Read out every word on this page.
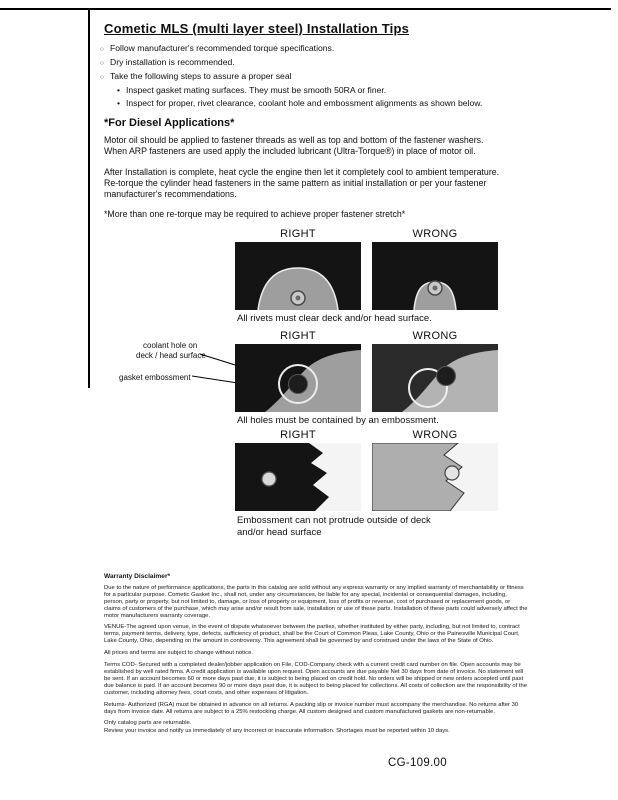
Cometic MLS (multi layer steel) Installation Tips
○ Follow manufacturer's recommended torque specifications.
○ Dry installation is recommended.
○ Take the following steps to assure a proper seal
• Inspect gasket mating surfaces. They must be smooth 50RA or finer.
• Inspect for proper, rivet clearance, coolant hole and embossment alignments as shown below.
*For Diesel Applications*

Motor oil should be applied to fastener threads as well as top and bottom of the fastener washers. When ARP fasteners are used apply the included lubricant (Ultra-Torque®) in place of motor oil.

After Installation is complete, heat cycle the engine then let it completely cool to ambient temperature. Re-torque the cylinder head fasteners in the same pattern as initial installation or per your fastener manufacturer's recommendations.

*More than one re-torque may be required to achieve proper fastener stretch*
RIGHT	WRONG
All rivets must clear deck and/or head surface.
RIGHT	WRONG
coolant hole on
deck / head surface
gasket embossment
All holes must be contained by an embossment.
RIGHT	WRONG
Embossment can not protrude outside of deck
and/or head surface
Warranty Disclaimer*

Due to the nature of performance applications, the parts in this catalog are sold without any express warranty or any implied warranty of merchantability or fitness for a particular purpose. Cometic Gasket Inc., shall not, under any circumstances, be liable for any special, incidental or consequential damages, including, person, party or property, but not limited to, damage, or loss of property or equipment, loss of profits or revenue, cost of purchased or replacement goods, or claims of customers of the purchase, which may arise and/or result from sale, installation or use of these parts. Installation of these parts could adversely affect the motor manufacturers warranty coverage.

VENUE-The agreed upon venue, in the event of dispute whatsoever between the parties, whether instituted by either party, including, but not limited to, contract terms, payment terms, delivery, type, defects, sufficiency of product, shall be the Court of Common Pleas, Lake County, Ohio or the Painesville Municipal Court, Lake County, Ohio, depending on the amount in controversy. This agreement shall be governed by and construed under the laws of the State of Ohio.

All prices and terms are subject to change without notice.

Terms COD- Secured with a completed dealer/jobber application on File, COD-Company check with a current credit card number on file. Open accounts may be established by well rated firms. A credit application is available upon request. Open accounts are due payable Net 30 days from date of invoice. No statement will be sent. If an account becomes 60 or more days past due, it is subject to being placed on credit hold. No orders will be shipped or new orders accepted until past due balance is paid. If an account becomes 90 or more days past due, it is subject to being placed for collections. All costs of collection are the responsibility of the customer, including attorney fees, court costs, and other expenses of litigation.

Returns- Authorized (RGA) must be obtained in advance on all returns. A packing slip or invoice number must accompany the merchandise. No returns after 30 days from invoice date. All returns are subject to a 25% restocking charge. All custom designed and custom manufactured gaskets are non-returnable.

Only catalog parts are returnable.

Review your invoice and notify us immediately of any incorrect or inaccurate information. Shortages must be reported within 10 days.

CG-109.00
